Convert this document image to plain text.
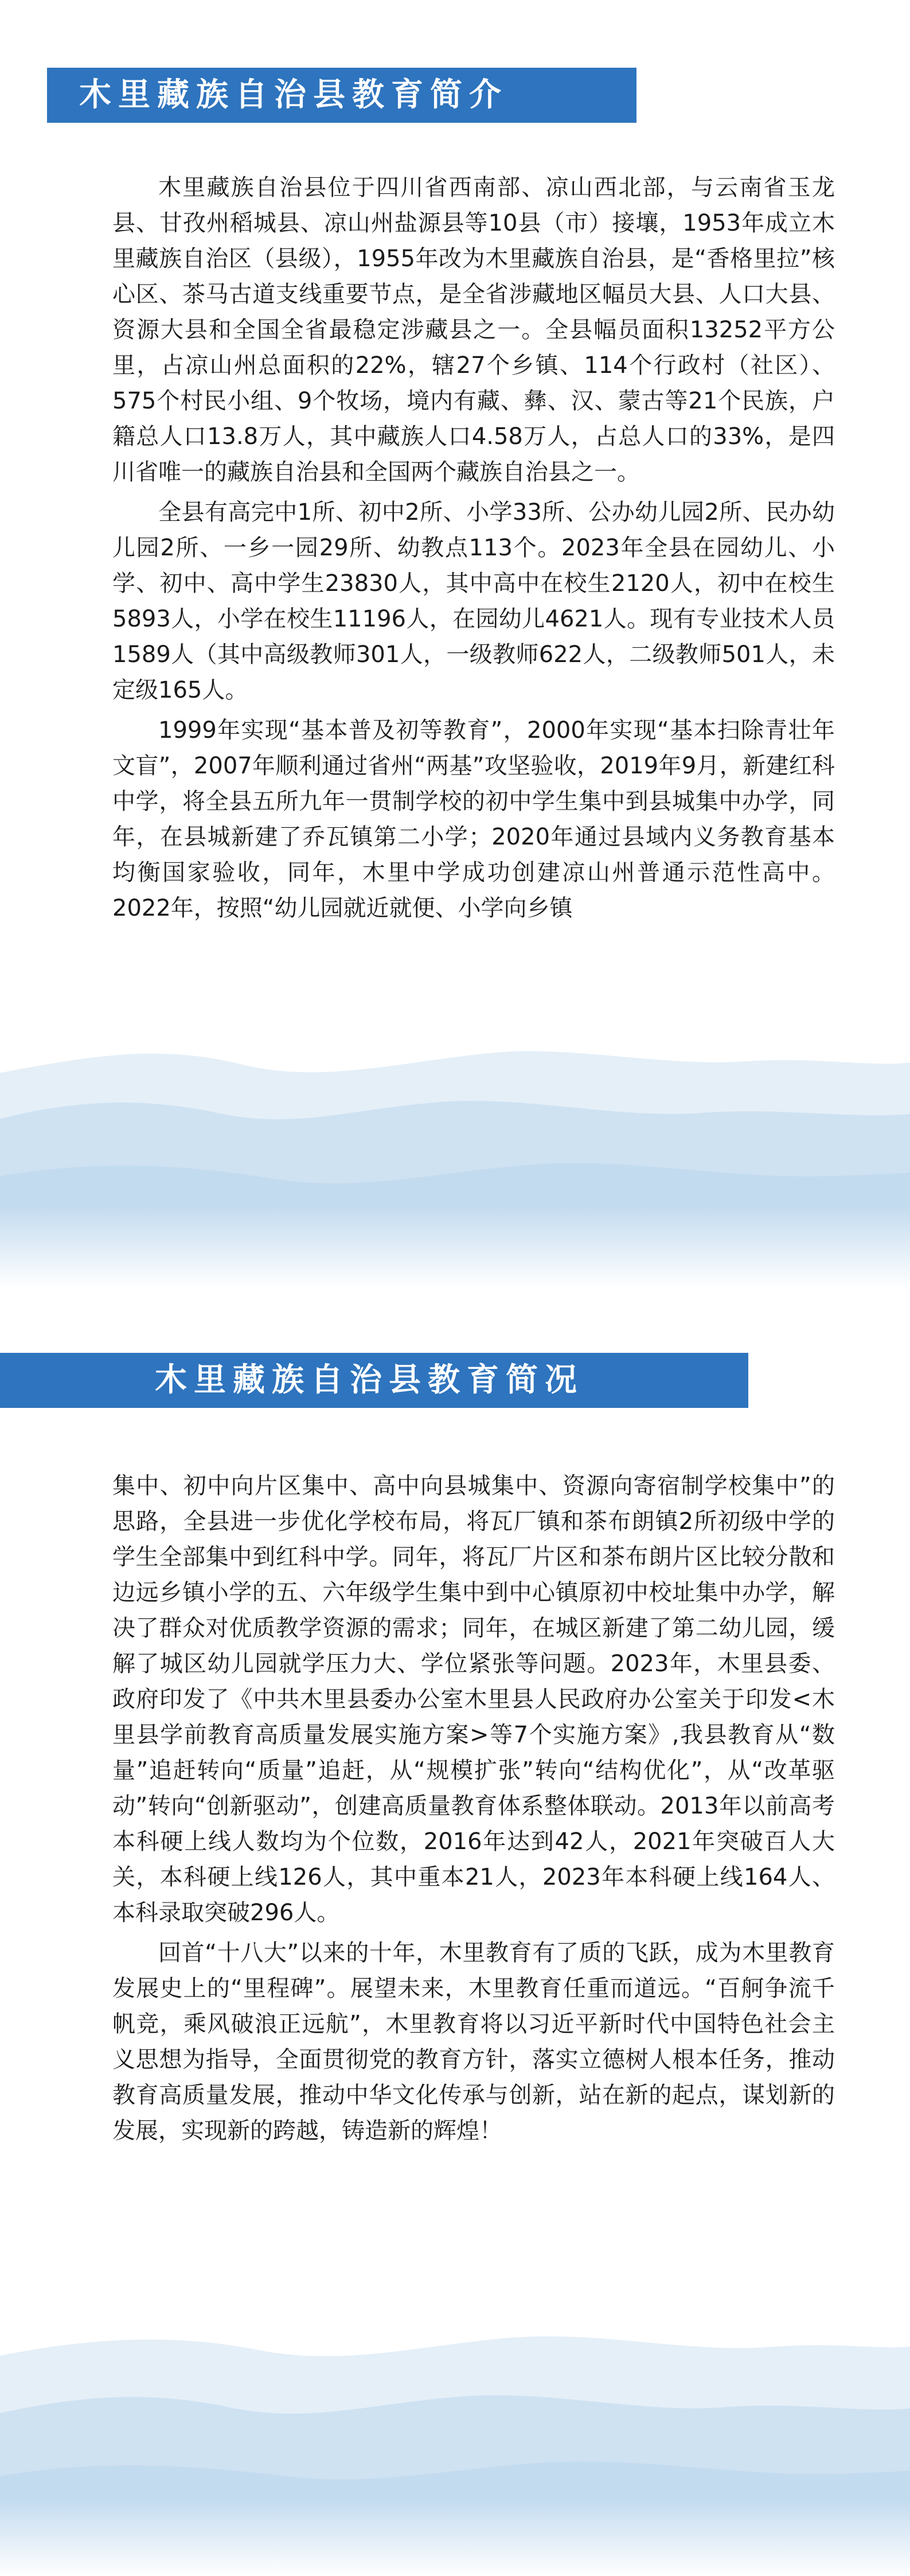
木里藏族自治县教育简介

木里藏族自治县位于四川省西南部、凉山西北部，与云南省玉龙县、甘孜州稻城县、凉山州盐源县等10县（市）接壤，1953年成立木里藏族自治区（县级），1955年改为木里藏族自治县，是“香格里拉”核心区、茶马古道支线重要节点，是全省涉藏地区幅员大县、人口大县、资源大县和全国全省最稳定涉藏县之一。全县幅员面积13252平方公里，占凉山州总面积的22%，辖27个乡镇、114个行政村（社区）、575个村民小组、9个牧场，境内有藏、彝、汉、蒙古等21个民族，户籍总人口13.8万人，其中藏族人口4.58万人，占总人口的33%，是四川省唯一的藏族自治县和全国两个藏族自治县之一。

全县有高完中1所、初中2所、小学33所、公办幼儿园2所、民办幼儿园2所、一乡一园29所、幼教点113个。2023年全县在园幼儿、小学、初中、高中学生23830人，其中高中在校生2120人，初中在校生5893人，小学在校生11196人，在园幼儿4621人。现有专业技术人员1589人（其中高级教师301人，一级教师622人，二级教师501人，未定级165人。

1999年实现“基本普及初等教育”，2000年实现“基本扫除青壮年文盲”，2007年顺利通过省州“两基”攻坚验收，2019年9月，新建红科中学，将全县五所九年一贯制学校的初中学生集中到县城集中办学，同年，在县城新建了乔瓦镇第二小学；2020年通过县域内义务教育基本均衡国家验收，同年，木里中学成功创建凉山州普通示范性高中。2022年，按照“幼儿园就近就便、小学向乡镇

木里藏族自治县教育简况

集中、初中向片区集中、高中向县城集中、资源向寄宿制学校集中”的思路，全县进一步优化学校布局，将瓦厂镇和茶布朗镇2所初级中学的学生全部集中到红科中学。同年，将瓦厂片区和茶布朗片区比较分散和边远乡镇小学的五、六年级学生集中到中心镇原初中校址集中办学，解决了群众对优质教学资源的需求；同年，在城区新建了第二幼儿园，缓解了城区幼儿园就学压力大、学位紧张等问题。2023年，木里县委、政府印发了《中共木里县委办公室木里县人民政府办公室关于印发<木里县学前教育高质量发展实施方案>等7个实施方案》,我县教育从“数量”追赶转向“质量”追赶，从“规模扩张”转向“结构优化”，从“改革驱动”转向“创新驱动”，创建高质量教育体系整体联动。2013年以前高考本科硬上线人数均为个位数，2016年达到42人，2021年突破百人大关，本科硬上线126人，其中重本21人，2023年本科硬上线164人、本科录取突破296人。

回首“十八大”以来的十年，木里教育有了质的飞跃，成为木里教育发展史上的“里程碑”。展望未来，木里教育任重而道远。“百舸争流千帆竞，乘风破浪正远航”，木里教育将以习近平新时代中国特色社会主义思想为指导，全面贯彻党的教育方针，落实立德树人根本任务，推动教育高质量发展，推动中华文化传承与创新，站在新的起点，谋划新的发展，实现新的跨越，铸造新的辉煌！
